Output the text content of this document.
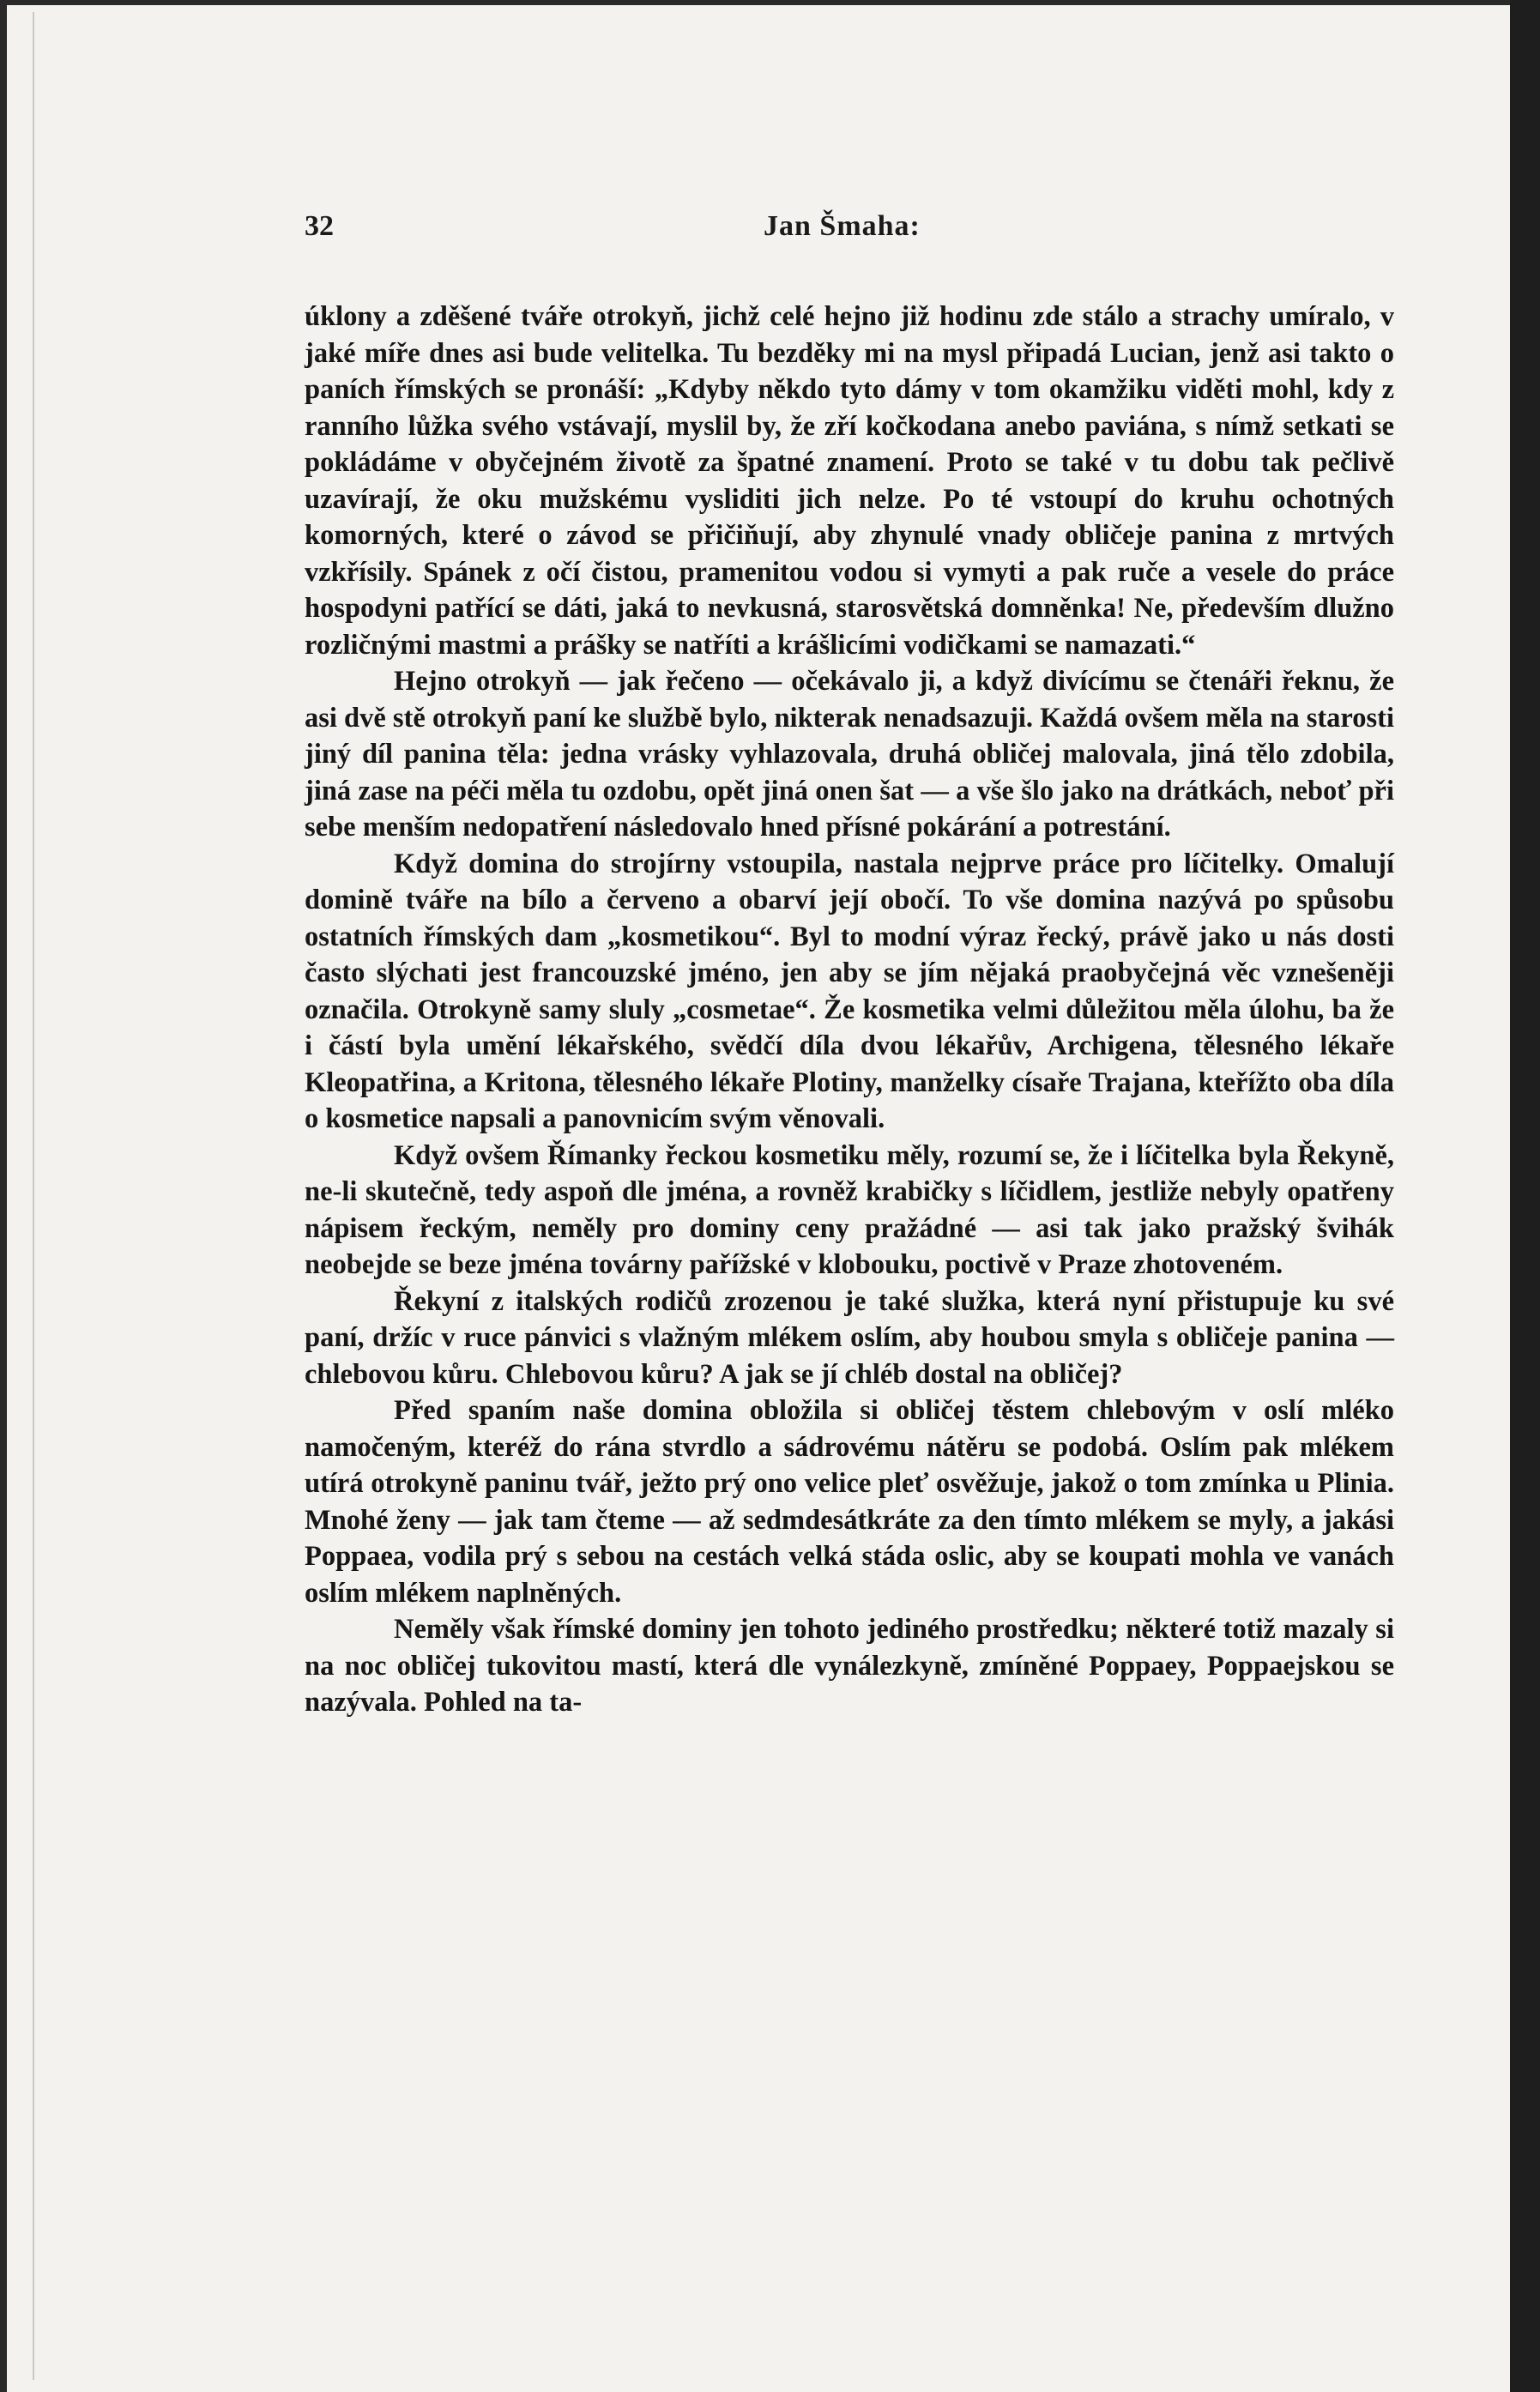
32	Jan Šmaha:

úklony a zděšené tváře otrokyň, jichž celé hejno již hodinu zde stálo a strachy umíralo, v jaké míře dnes asi bude velitelka. Tu bezděky mi na mysl připadá Lucian, jenž asi takto o paních římských se pronáší: „Kdyby někdo tyto dámy v tom okamžiku viděti mohl, kdy z ranního lůžka svého vstávají, myslil by, že zří kočkodana anebo paviána, s nímž setkati se pokládáme v obyčejném životě za špatné znamení. Proto se také v tu dobu tak pečlivě uzavírají, že oku mužskému vysliditi jich nelze. Po té vstoupí do kruhu ochotných komorných, které o závod se přičiňují, aby zhynulé vnady obličeje panina z mrtvých vzkřísily. Spánek z očí čistou, pramenitou vodou si vymyti a pak ruče a vesele do práce hospodyni patřící se dáti, jaká to nevkusná, starosvětská domněnka! Ne, především dlužno rozličnými mastmi a prášky se natříti a krášlicími vodičkami se namazati.“

Hejno otrokyň — jak řečeno — očekávalo ji, a když divícímu se čtenáři řeknu, že asi dvě stě otrokyň paní ke službě bylo, nikterak nenadsazuji. Každá ovšem měla na starosti jiný díl panina těla: jedna vrásky vyhlazovala, druhá obličej malovala, jiná tělo zdobila, jiná zase na péči měla tu ozdobu, opět jiná onen šat — a vše šlo jako na drátkách, neboť při sebe menším nedopatření následovalo hned přísné pokárání a potrestání.

Když domina do strojírny vstoupila, nastala nejprve práce pro líčitelky. Omalují domině tváře na bílo a červeno a obarví její obočí. To vše domina nazývá po spůsobu ostatních římských dam „kosmetikou“. Byl to modní výraz řecký, právě jako u nás dosti často slýchati jest francouzské jméno, jen aby se jím nějaká praobyčejná věc vznešeněji označila. Otrokyně samy sluly „cosmetae“. Že kosmetika velmi důležitou měla úlohu, ba že i částí byla umění lékařského, svědčí díla dvou lékařův, Archigena, tělesného lékaře Kleopatřina, a Kritona, tělesného lékaře Plotiny, manželky císaře Trajana, kteřížto oba díla o kosmetice napsali a panovnicím svým věnovali.

Když ovšem Římanky řeckou kosmetiku měly, rozumí se, že i líčitelka byla Řekyně, ne-li skutečně, tedy aspoň dle jména, a rovněž krabičky s líčidlem, jestliže nebyly opatřeny nápisem řeckým, neměly pro dominy ceny pražádné — asi tak jako pražský švihák neobejde se beze jména továrny pařížské v klobouku, poctivě v Praze zhotoveném.

Řekyní z italských rodičů zrozenou je také služka, která nyní přistupuje ku své paní, držíc v ruce pánvici s vlažným mlékem oslím, aby houbou smyla s obličeje panina — chlebovou kůru. Chlebovou kůru? A jak se jí chléb dostal na obličej?

Před spaním naše domina obložila si obličej těstem chlebovým v oslí mléko namočeným, kteréž do rána stvrdlo a sádrovému nátěru se podobá. Oslím pak mlékem utírá otrokyně paninu tvář, ježto prý ono velice pleť osvěžuje, jakož o tom zmínka u Plinia. Mnohé ženy — jak tam čteme — až sedmdesátkráte za den tímto mlékem se myly, a jakási Poppaea, vodila prý s sebou na cestách velká stáda oslic, aby se koupati mohla ve vanách oslím mlékem naplněných.

Neměly však římské dominy jen tohoto jediného prostředku; některé totiž mazaly si na noc obličej tukovitou mastí, která dle vynálezkyně, zmíněné Poppaey, Poppaejskou se nazývala. Pohled na ta-
